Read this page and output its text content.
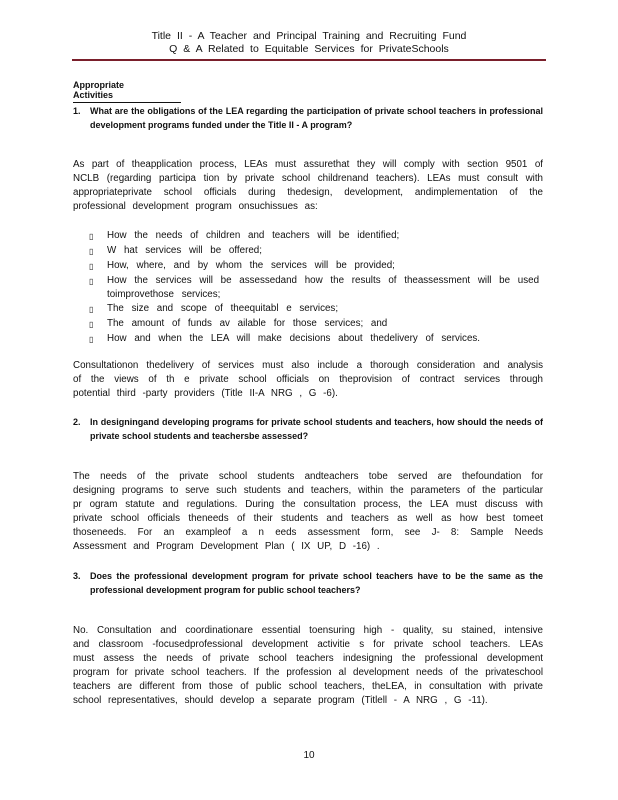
Title II - A Teacher and Principal Training and Recruiting Fund
Q & A Related to Equitable Services for PrivateSchools
Appropriate Activities
1.	What are the obligations of the LEA regarding the participation of private school teachers in professional development programs funded under the Title II - A program?
As part of theapplication process, LEAs must assurethat they will comply with section 9501 of NCLB (regarding participa tion by private school childrenand teachers). LEAs must consult with appropriateprivate school officials during thedesign, development, andimplementation of the professional development program onsuchissues as:
▯	How the needs of children and teachers will be identified;
▯	W hat services will be offered;
▯	How, where, and by whom the services will be provided;
▯	How the services will be assessedand how the results of theassessment will be used toimprovethose services;
▯	The size and scope of theequitabl e services;
▯	The amount of funds av ailable for those services; and
▯	How and when the LEA will make decisions about thedelivery of services.
Consultationon thedelivery of services must also include a thorough consideration and analysis of the views of th e private school officials on theprovision of contract services through potential third -party providers (Title II-A NRG , G -6).
2.	In designingand developing programs for private school students and teachers, how should the needs of private school students and teachersbe assessed?
The needs of the private school students andteachers tobe served are thefoundation for designing programs to serve such students and teachers, within the parameters of the particular pr ogram statute and regulations. During the consultation process, the LEA must discuss with private school officials theneeds of their students and teachers as well as how best tomeet thoseneeds. For an exampleof a n eeds assessment form, see J- 8: Sample Needs Assessment and Program Development Plan ( IX UP, D -16) .
3.	Does the professional development program for private school teachers have to be the same as the professional development program for public school teachers?
No. Consultation and coordinationare essential toensuring high - quality, su stained, intensive and classroom -focusedprofessional development activitie s for private school teachers. LEAs must assess the needs of private school teachers indesigning the professional development program for private school teachers. If the profession al development needs of the privateschool teachers are different from those of public school teachers, theLEA, in consultation with private school representatives, should develop a separate program (Titlell - A NRG , G -11).
10
